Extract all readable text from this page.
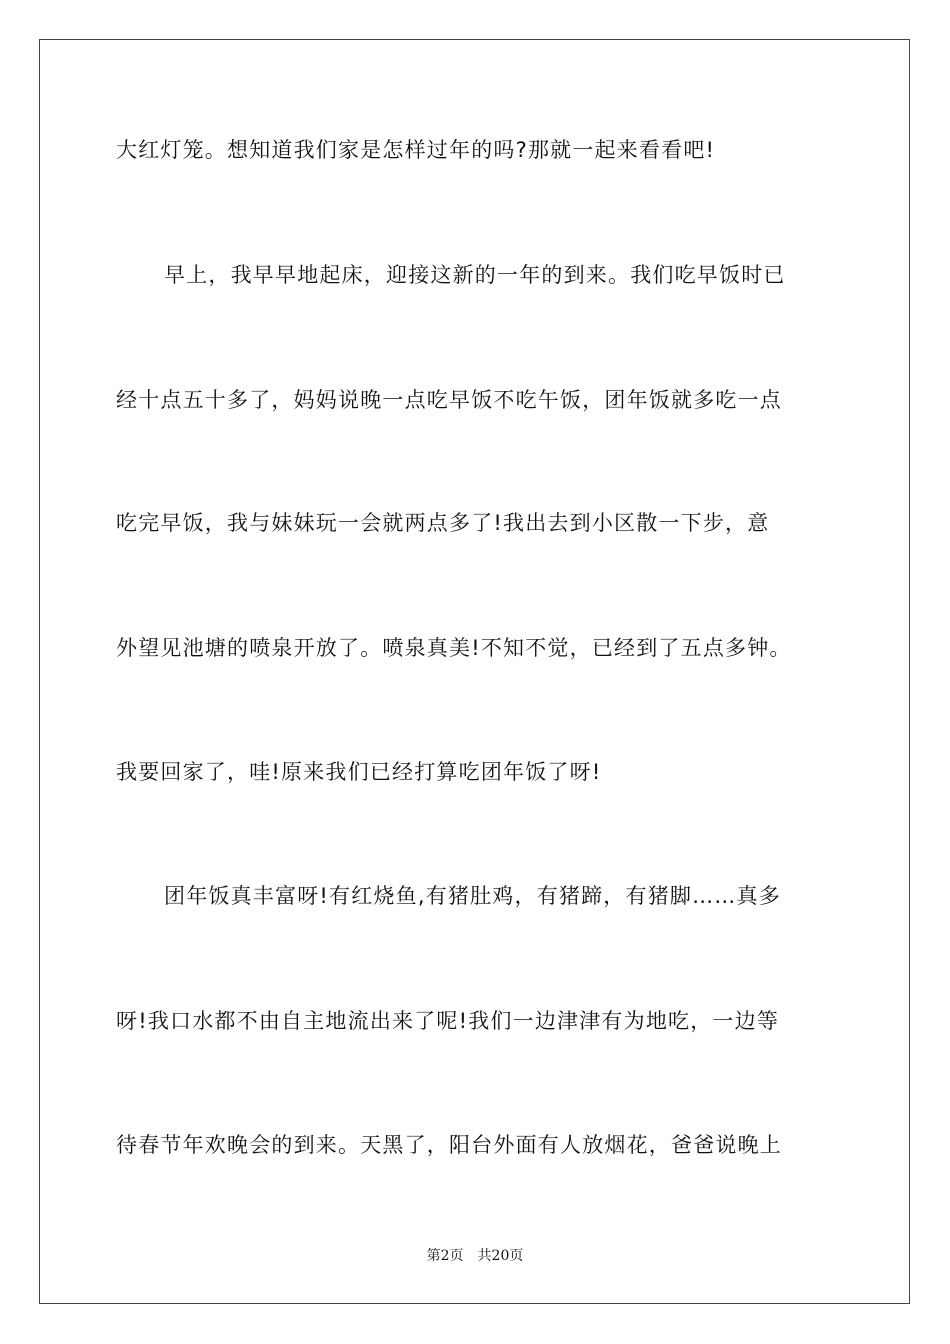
大红灯笼。想知道我们家是怎样过年的吗?那就一起来看看吧!

早上，我早早地起床，迎接这新的一年的到来。我们吃早饭时已

经十点五十多了，妈妈说晚一点吃早饭不吃午饭，团年饭就多吃一点

吃完早饭，我与妹妹玩一会就两点多了!我出去到小区散一下步，意

外望见池塘的喷泉开放了。喷泉真美!不知不觉，已经到了五点多钟。

我要回家了，哇!原来我们已经打算吃团年饭了呀!

团年饭真丰富呀!有红烧鱼,有猪肚鸡，有猪蹄，有猪脚……真多

呀!我口水都不由自主地流出来了呢!我们一边津津有为地吃，一边等

待春节年欢晚会的到来。天黑了，阳台外面有人放烟花，爸爸说晚上

第2页 共20页
